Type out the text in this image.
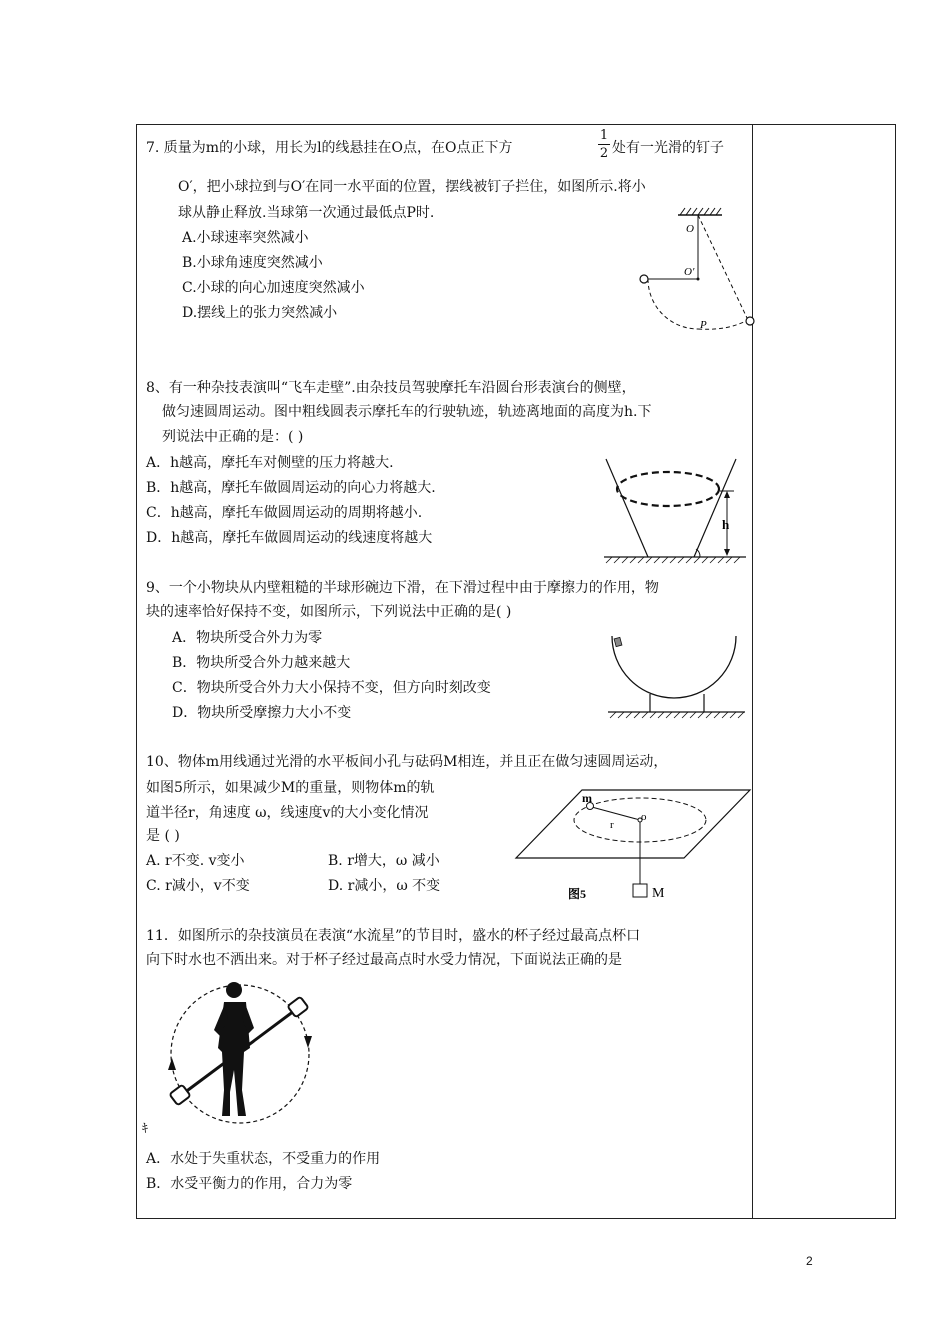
7. 质量为m的小球，用长为l的线悬挂在O点，在O点正下方
1
2 处有一光滑的钉子
O′，把小球拉到与O′在同一水平面的位置，摆线被钉子拦住，如图所示.将小
球从静止释放.当球第一次通过最低点P时.
A.小球速率突然减小
B.小球角速度突然减小
C.小球的向心加速度突然减小
D.摆线上的张力突然减小
O
O′
P
8、有一种杂技表演叫“飞车走壁”.由杂技员驾驶摩托车沿圆台形表演台的侧壁，
做匀速圆周运动。图中粗线圆表示摩托车的行驶轨迹，轨迹离地面的高度为h.下
列说法中正确的是：( )
A．h越高，摩托车对侧壁的压力将越大.
B．h越高，摩托车做圆周运动的向心力将越大.
C．h越高，摩托车做圆周运动的周期将越小.
D．h越高，摩托车做圆周运动的线速度将越大
h
9、一个小物块从内壁粗糙的半球形碗边下滑，在下滑过程中由于摩擦力的作用，物
块的速率恰好保持不变，如图所示，下列说法中正确的是( )
A．物块所受合外力为零
B．物块所受合外力越来越大
C．物块所受合外力大小保持不变，但方向时刻改变
D．物块所受摩擦力大小不变
10、物体m用线通过光滑的水平板间小孔与砝码M相连，并且正在做匀速圆周运动，
如图5所示，如果减少M的重量，则物体m的轨
道半径r，角速度 ω，线速度v的大小变化情况
是 ( )
A. r不变. v变小	B. r增大，ω 减小
C. r减小，v不变	D. r减小，ω 不变
m
r
o
M
图5
11．如图所示的杂技演员在表演“水流星”的节目时，盛水的杯子经过最高点杯口
向下时水也不洒出来。对于杯子经过最高点时水受力情况，下面说法正确的是
ｷ
A．水处于失重状态，不受重力的作用
B．水受平衡力的作用，合力为零
2
